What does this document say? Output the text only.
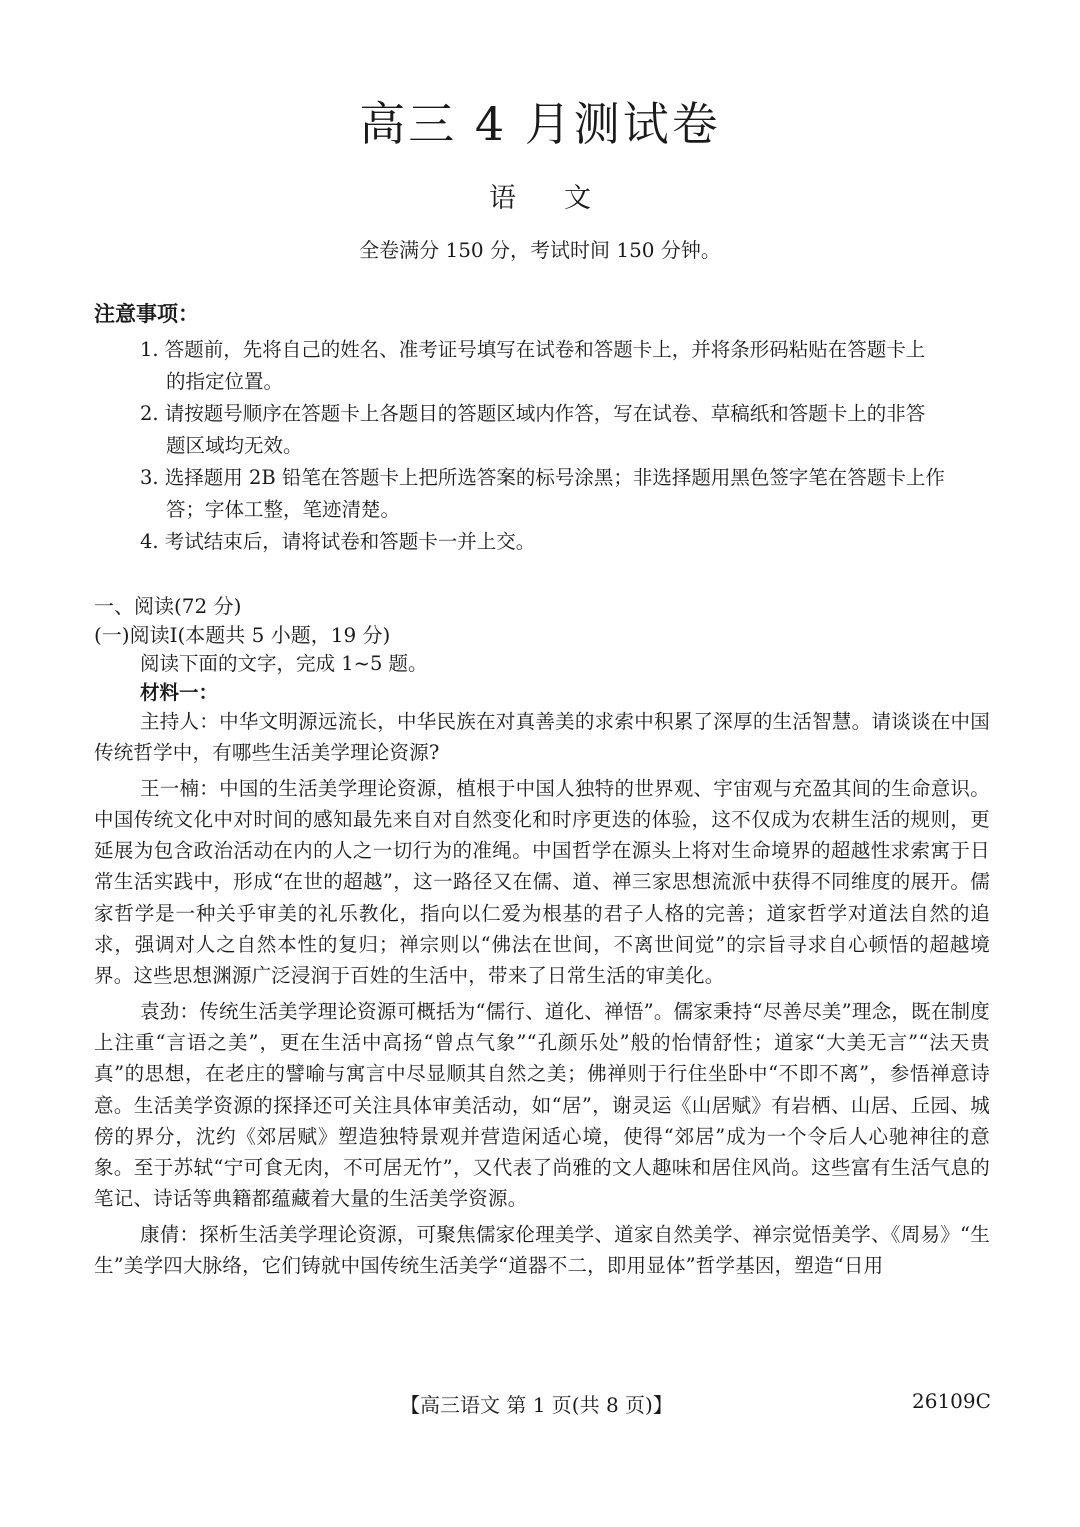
高三 4 月测试卷
语 文
全卷满分 150 分，考试时间 150 分钟。
注意事项：
1. 答题前，先将自己的姓名、准考证号填写在试卷和答题卡上，并将条形码粘贴在答题卡上
的指定位置。
2. 请按题号顺序在答题卡上各题目的答题区域内作答，写在试卷、草稿纸和答题卡上的非答
题区域均无效。
3. 选择题用 2B 铅笔在答题卡上把所选答案的标号涂黑；非选择题用黑色签字笔在答题卡上作
答；字体工整，笔迹清楚。
4. 考试结束后，请将试卷和答题卡一并上交。
一、阅读(72 分)
(一)阅读Ⅰ(本题共 5 小题，19 分)
阅读下面的文字，完成 1~5 题。
材料一：

主持人：中华文明源远流长，中华民族在对真善美的求索中积累了深厚的生活智慧。请谈谈在中国传统哲学中，有哪些生活美学理论资源?

王一楠：中国的生活美学理论资源，植根于中国人独特的世界观、宇宙观与充盈其间的生命意识。中国传统文化中对时间的感知最先来自对自然变化和时序更迭的体验，这不仅成为农耕生活的规则，更延展为包含政治活动在内的人之一切行为的准绳。中国哲学在源头上将对生命境界的超越性求索寓于日常生活实践中，形成“在世的超越”，这一路径又在儒、道、禅三家思想流派中获得不同维度的展开。儒家哲学是一种关乎审美的礼乐教化，指向以仁爱为根基的君子人格的完善；道家哲学对道法自然的追求，强调对人之自然本性的复归；禅宗则以“佛法在世间，不离世间觉”的宗旨寻求自心顿悟的超越境界。这些思想渊源广泛浸润于百姓的生活中，带来了日常生活的审美化。

袁劲：传统生活美学理论资源可概括为“儒行、道化、禅悟”。儒家秉持“尽善尽美”理念，既在制度上注重“言语之美”，更在生活中高扬“曾点气象”“孔颜乐处”般的怡情舒性；道家“大美无言”“法天贵真”的思想，在老庄的譬喻与寓言中尽显顺其自然之美；佛禅则于行住坐卧中“不即不离”，参悟禅意诗意。生活美学资源的探择还可关注具体审美活动，如“居”，谢灵运《山居赋》有岩栖、山居、丘园、城傍的界分，沈约《郊居赋》塑造独特景观并营造闲适心境，使得“郊居”成为一个令后人心驰神往的意象。至于苏轼“宁可食无肉，不可居无竹”，又代表了尚雅的文人趣味和居住风尚。这些富有生活气息的笔记、诗话等典籍都蕴藏着大量的生活美学资源。

康倩：探析生活美学理论资源，可聚焦儒家伦理美学、道家自然美学、禅宗觉悟美学、《周易》“生生”美学四大脉络，它们铸就中国传统生活美学“道器不二，即用显体”哲学基因，塑造“日用

【高三语文 第 1 页(共 8 页)】	26109C
